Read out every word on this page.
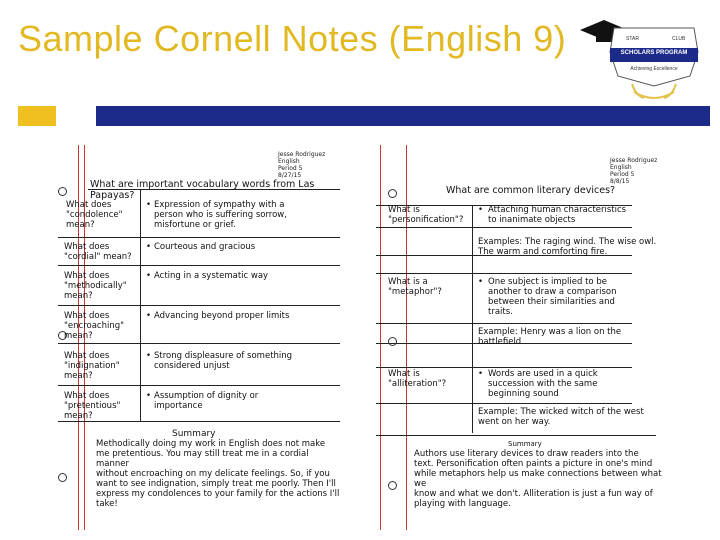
Sample Cornell Notes (English 9)	STAR	CLUB
SCHOLARS PROGRAM
Achieving Excellence
Jesse Rodriguez
English
Period 5
8/27/15
What are important vocabulary words from Las Papayas?
What does
"condolence"
mean?
Expression of sympathy with a
person who is suffering sorrow,
misfortune or grief.
•
What does
"cordial" mean?
Courteous and gracious
•
What does
"methodically"
mean?
Acting in a systematic way
•
What does
"encroaching"
mean?
Advancing beyond proper limits
•
What does
"indignation"
mean?
Strong displeasure of something
considered unjust
•
What does
"pretentious"
mean?
Assumption of dignity or
importance
•
Summary
Methodically doing my work in English does not make
me pretentious. You may still treat me in a cordial manner
without encroaching on my delicate feelings. So, if you
want to see indignation, simply treat me poorly. Then I'll
express my condolences to your family for the actions I'll
take!
Jesse Rodriguez
English
Period 5
8/8/15
What are common literary devices?
What is
"personification"?
Attaching human characteristics
to inanimate objects
•
Examples: The raging wind. The wise owl.
The warm and comforting fire.
What is a
"metaphor"?
One subject is implied to be
another to draw a comparison
between their similarities and
traits.
•
Example: Henry was a lion on the
battlefield
What is
"alliteration"?
Words are used in a quick
succession with the same
beginning sound
•
Example: The wicked witch of the west
went on her way.
Summary
Authors use literary devices to draw readers into the
text. Personification often paints a picture in one's mind
while metaphors help us make connections between what we
know and what we don't. Alliteration is just a fun way of
playing with language.
